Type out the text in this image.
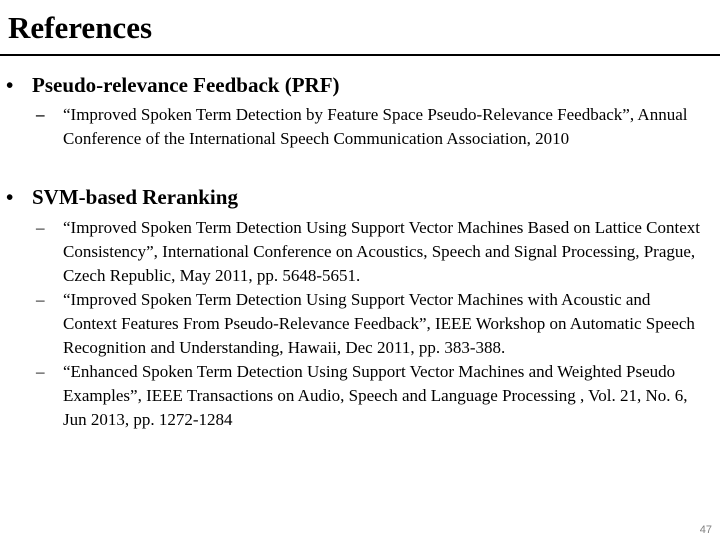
References
• Pseudo-relevance Feedback (PRF)
– “Improved Spoken Term Detection by Feature Space Pseudo-Relevance Feedback”, Annual Conference of the International Speech Communication Association, 2010
• SVM-based Reranking
– “Improved Spoken Term Detection Using Support Vector Machines Based on Lattice Context Consistency”, International Conference on Acoustics, Speech and Signal Processing, Prague, Czech Republic, May 2011, pp. 5648-5651.
– “Improved Spoken Term Detection Using Support Vector Machines with Acoustic and Context Features From Pseudo-Relevance Feedback”, IEEE Workshop on Automatic Speech Recognition and Understanding, Hawaii, Dec 2011, pp. 383-388.
– “Enhanced Spoken Term Detection Using Support Vector Machines and Weighted Pseudo Examples”, IEEE Transactions on Audio, Speech and Language Processing , Vol. 21, No. 6, Jun 2013, pp. 1272-1284
47
